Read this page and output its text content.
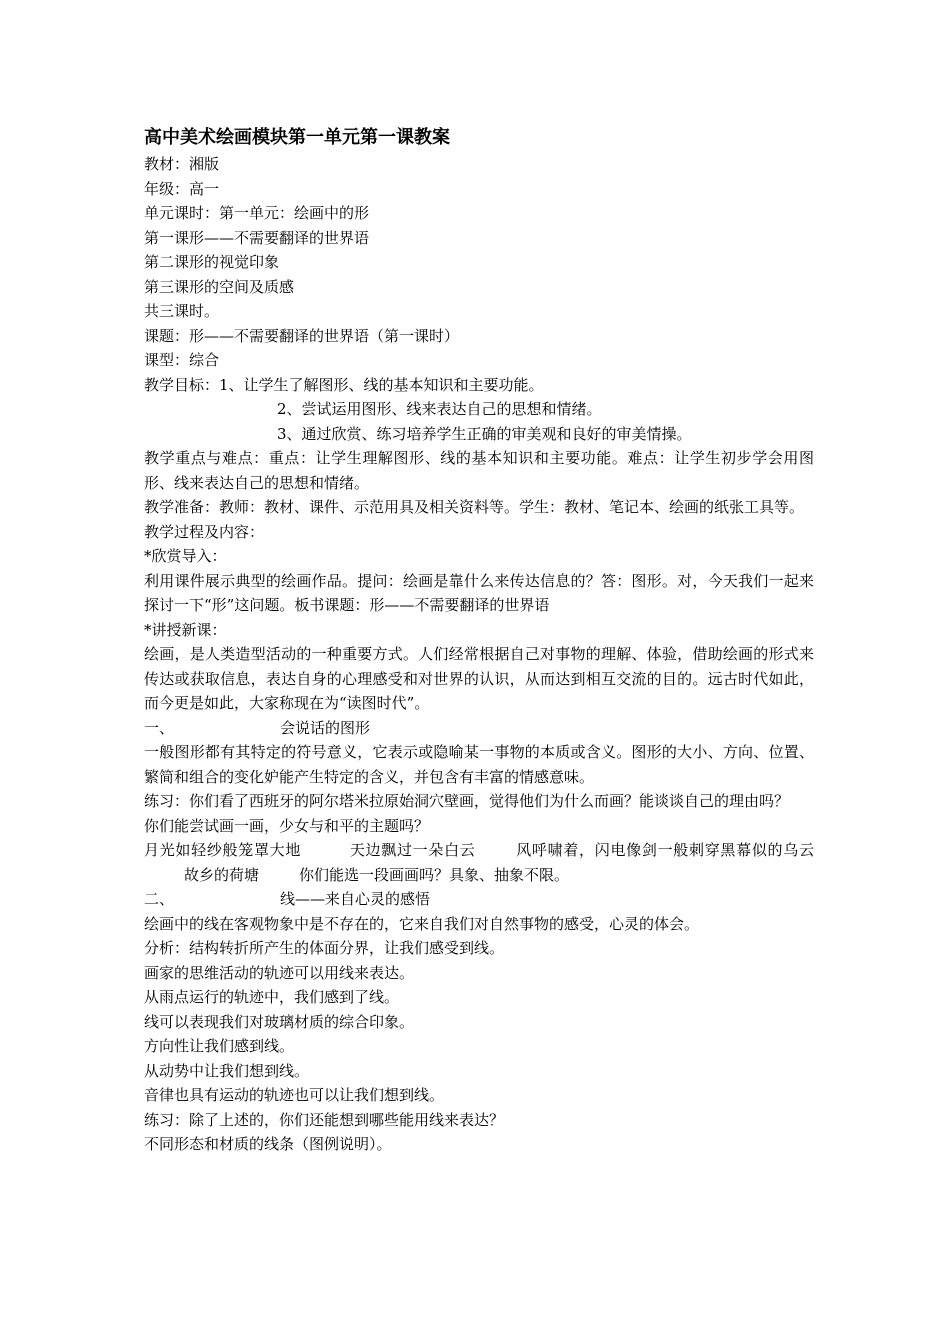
高中美术绘画模块第一单元第一课教案

教材：湘版

年级：高一

单元课时：第一单元：绘画中的形

第一课形——不需要翻译的世界语

第二课形的视觉印象

第三课形的空间及质感

共三课时。

课题：形——不需要翻译的世界语（第一课时）

课型：综合

教学目标：1、让学生了解图形、线的基本知识和主要功能。

2、尝试运用图形、线来表达自己的思想和情绪。

3、通过欣赏、练习培养学生正确的审美观和良好的审美情操。

教学重点与难点：重点：让学生理解图形、线的基本知识和主要功能。难点：让学生初步学会用图形、线来表达自己的思想和情绪。

教学准备：教师：教材、课件、示范用具及相关资料等。学生：教材、笔记本、绘画的纸张工具等。

教学过程及内容：

*欣赏导入：

利用课件展示典型的绘画作品。提问：绘画是靠什么来传达信息的？答：图形。对，今天我们一起来探讨一下“形”这问题。板书课题：形——不需要翻译的世界语

*讲授新课：

绘画，是人类造型活动的一种重要方式。人们经常根据自己对事物的理解、体验，借助绘画的形式来传达或获取信息，表达自身的心理感受和对世界的认识，从而达到相互交流的目的。远古时代如此，而今更是如此，大家称现在为“读图时代”。

一、	会说话的图形

一般图形都有其特定的符号意义，它表示或隐喻某一事物的本质或含义。图形的大小、方向、位置、繁简和组合的变化妒能产生特定的含义，并包含有丰富的情感意味。

练习：你们看了西班牙的阿尔塔米拉原始洞穴壁画，觉得他们为什么而画？能谈谈自己的理由吗？

你们能尝试画一画，少女与和平的主题吗？

月光如轻纱般笼罩大地	天边飘过一朵白云	风呼啸着，闪电像剑一般刺穿黑幕似的乌云故乡的荷塘	你们能选一段画画吗？具象、抽象不限。

二、	线——来自心灵的感悟

绘画中的线在客观物象中是不存在的，它来自我们对自然事物的感受，心灵的体会。

分析：结构转折所产生的体面分界，让我们感受到线。

画家的思维活动的轨迹可以用线来表达。

从雨点运行的轨迹中，我们感到了线。

线可以表现我们对玻璃材质的综合印象。

方向性让我们感到线。

从动势中让我们想到线。

音律也具有运动的轨迹也可以让我们想到线。

练习：除了上述的，你们还能想到哪些能用线来表达？

不同形态和材质的线条（图例说明）。
